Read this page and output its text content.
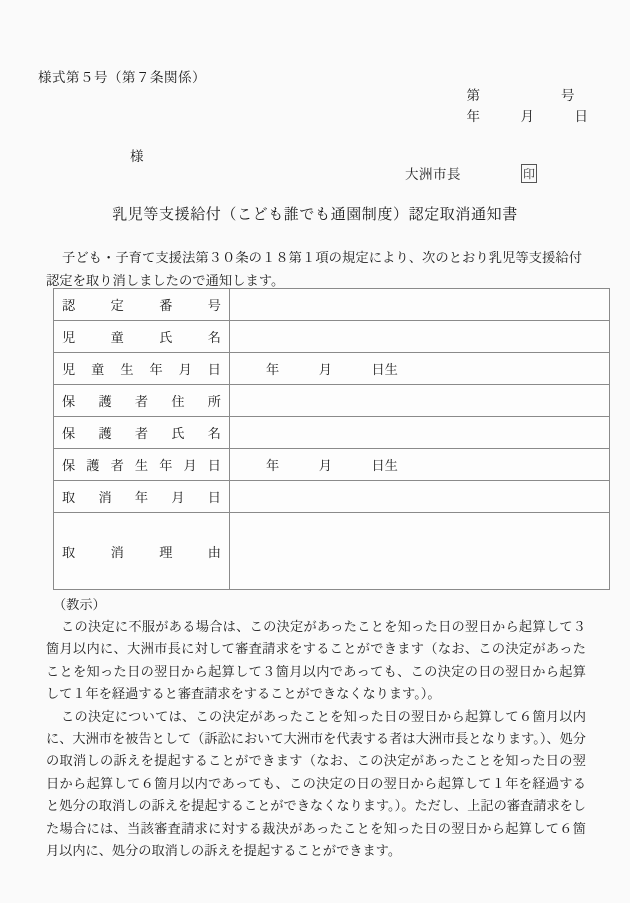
様式第５号（第７条関係）
第　　　　　　号
年　　　月　　　日
様
大洲市長	印
乳児等支援給付（こども誰でも通園制度）認定取消通知書
子ども・子育て支援法第３０条の１８第１項の規定により、次のとおり乳児等支援給付認定を取り消しましたので通知します。
認定番号	
児童氏名	
児童生年月日	年　　　月　　　日生
保護者住所	
保護者氏名	
保護者生年月日	年　　　月　　　日生
取消年月日	
取消理由	
（教示）

この決定に不服がある場合は、この決定があったことを知った日の翌日から起算して３箇月以内に、大洲市長に対して審査請求をすることができます（なお、この決定があったことを知った日の翌日から起算して３箇月以内であっても、この決定の日の翌日から起算して１年を経過すると審査請求をすることができなくなります。）。

この決定については、この決定があったことを知った日の翌日から起算して６箇月以内に、大洲市を被告として（訴訟において大洲市を代表する者は大洲市長となります。）、処分の取消しの訴えを提起することができます（なお、この決定があったことを知った日の翌日から起算して６箇月以内であっても、この決定の日の翌日から起算して１年を経過すると処分の取消しの訴えを提起することができなくなります。）。ただし、上記の審査請求をした場合には、当該審査請求に対する裁決があったことを知った日の翌日から起算して６箇月以内に、処分の取消しの訴えを提起することができます。
